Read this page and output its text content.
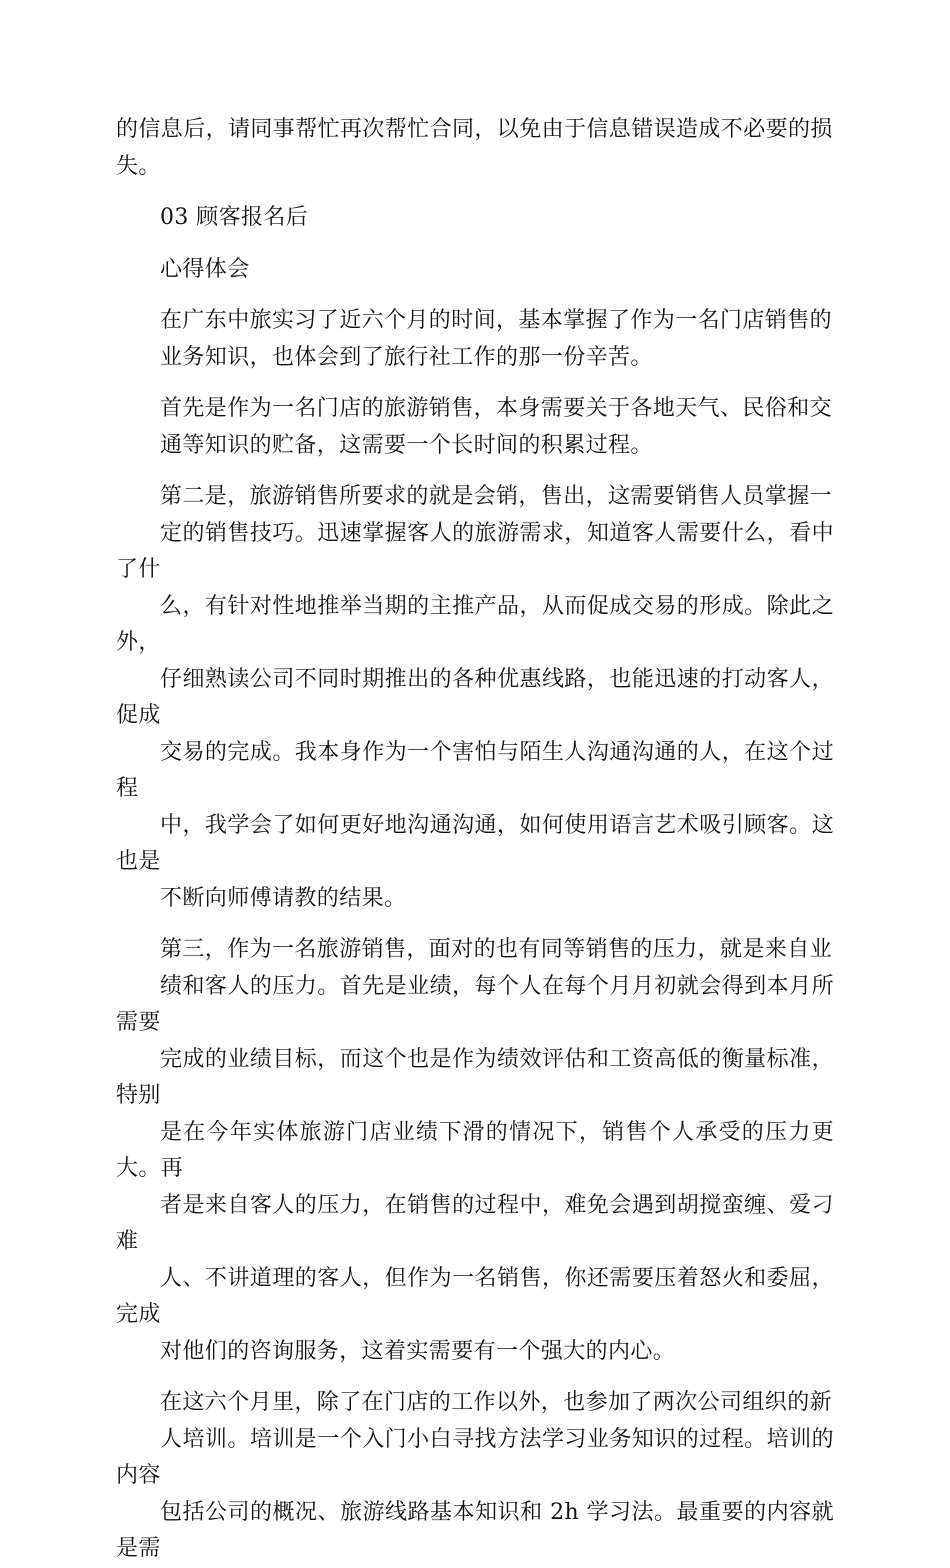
的信息后，请同事帮忙再次帮忙合同，以免由于信息错误造成不必要的损
失。

03 顾客报名后

心得体会

在广东中旅实习了近六个月的时间，基本掌握了作为一名门店销售的
业务知识，也体会到了旅行社工作的那一份辛苦。

首先是作为一名门店的旅游销售，本身需要关于各地天气、民俗和交
通等知识的贮备，这需要一个长时间的积累过程。

第二是，旅游销售所要求的就是会销，售出，这需要销售人员掌握一
定的销售技巧。迅速掌握客人的旅游需求，知道客人需要什么，看中了什
么，有针对性地推举当期的主推产品，从而促成交易的形成。除此之外，
仔细熟读公司不同时期推出的各种优惠线路，也能迅速的打动客人，促成
交易的完成。我本身作为一个害怕与陌生人沟通沟通的人，在这个过程
中，我学会了如何更好地沟通沟通，如何使用语言艺术吸引顾客。这也是
不断向师傅请教的结果。

第三，作为一名旅游销售，面对的也有同等销售的压力，就是来自业
绩和客人的压力。首先是业绩，每个人在每个月月初就会得到本月所需要
完成的业绩目标，而这个也是作为绩效评估和工资高低的衡量标准，特别
是在今年实体旅游门店业绩下滑的情况下，销售个人承受的压力更大。再
者是来自客人的压力，在销售的过程中，难免会遇到胡搅蛮缠、爱刁难
人、不讲道理的客人，但作为一名销售，你还需要压着怒火和委屈，完成
对他们的咨询服务，这着实需要有一个强大的内心。

在这六个月里，除了在门店的工作以外，也参加了两次公司组织的新
人培训。培训是一个入门小白寻找方法学习业务知识的过程。培训的内容
包括公司的概况、旅游线路基本知识和 2h 学习法。最重要的内容就是需
